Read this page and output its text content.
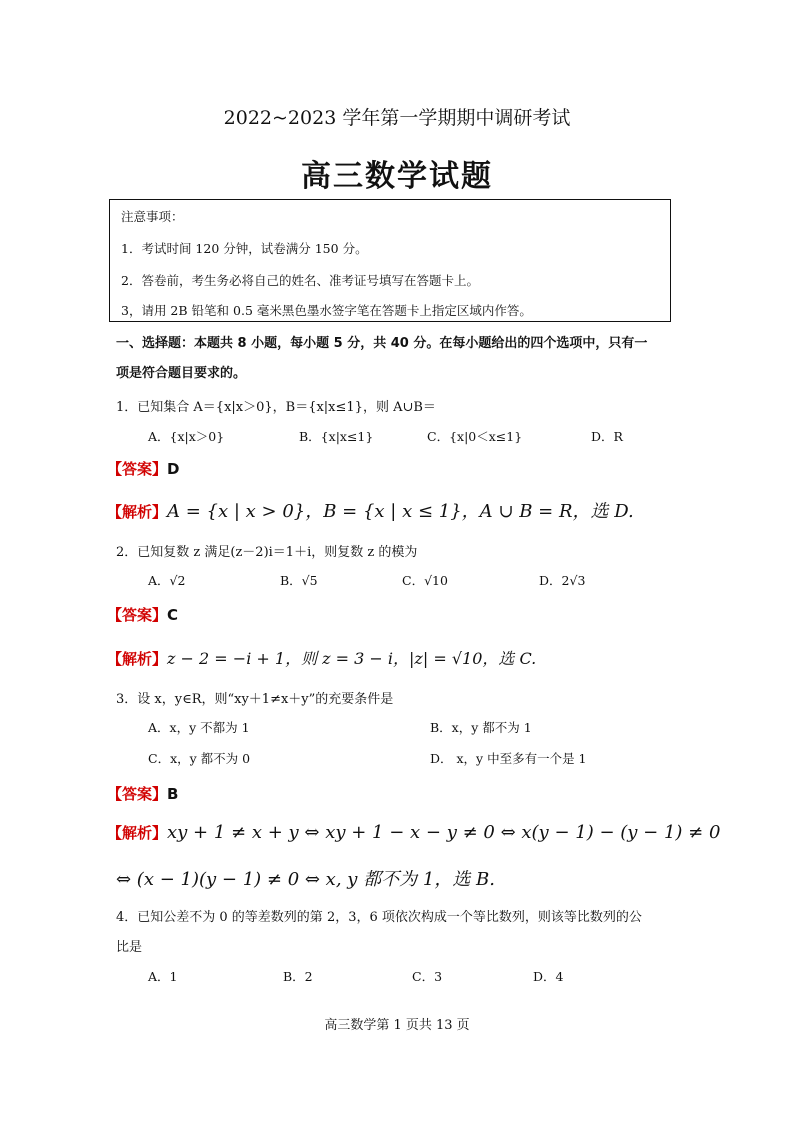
2022~2023 学年第一学期期中调研考试
高三数学试题
注意事项：
1．考试时间 120 分钟，试卷满分 150 分。
2．答卷前，考生务必将自己的姓名、准考证号填写在答题卡上。
3，请用 2B 铅笔和 0.5 毫米黑色墨水签字笔在答题卡上指定区域内作答。
一、选择题：本题共 8 小题，每小题 5 分，共 40 分。在每小题给出的四个选项中，只有一
项是符合题目要求的。
1．已知集合 A＝{x|x＞0}，B＝{x|x≤1}，则 A∪B＝
A．{x|x＞0}	B．{x|x≤1}	C．{x|0＜x≤1}	D．R
【答案】D
【解析】A = {x | x > 0}，B = {x | x ≤ 1}，A ∪ B = R，选 D.
2．已知复数 z 满足(z－2)i＝1＋i，则复数 z 的模为
A．√2	B．√5	C．√10	D．2√3
【答案】C
【解析】z − 2 = −i + 1，则 z = 3 − i，|z| = √10，选 C.
3．设 x，y∈R，则“xy＋1≠x＋y”的充要条件是
A．x，y 不都为 1	B．x，y 都不为 1
C．x，y 都不为 0	D． x，y 中至多有一个是 1
【答案】B
【解析】xy + 1 ≠ x + y ⇔ xy + 1 − x − y ≠ 0 ⇔ x(y − 1) − (y − 1) ≠ 0
⇔ (x − 1)(y − 1) ≠ 0 ⇔ x, y 都不为 1，选 B.
4．已知公差不为 0 的等差数列的第 2，3，6 项依次构成一个等比数列，则该等比数列的公
比是
A．1	B．2	C．3	D．4
高三数学第 1 页共 13 页
